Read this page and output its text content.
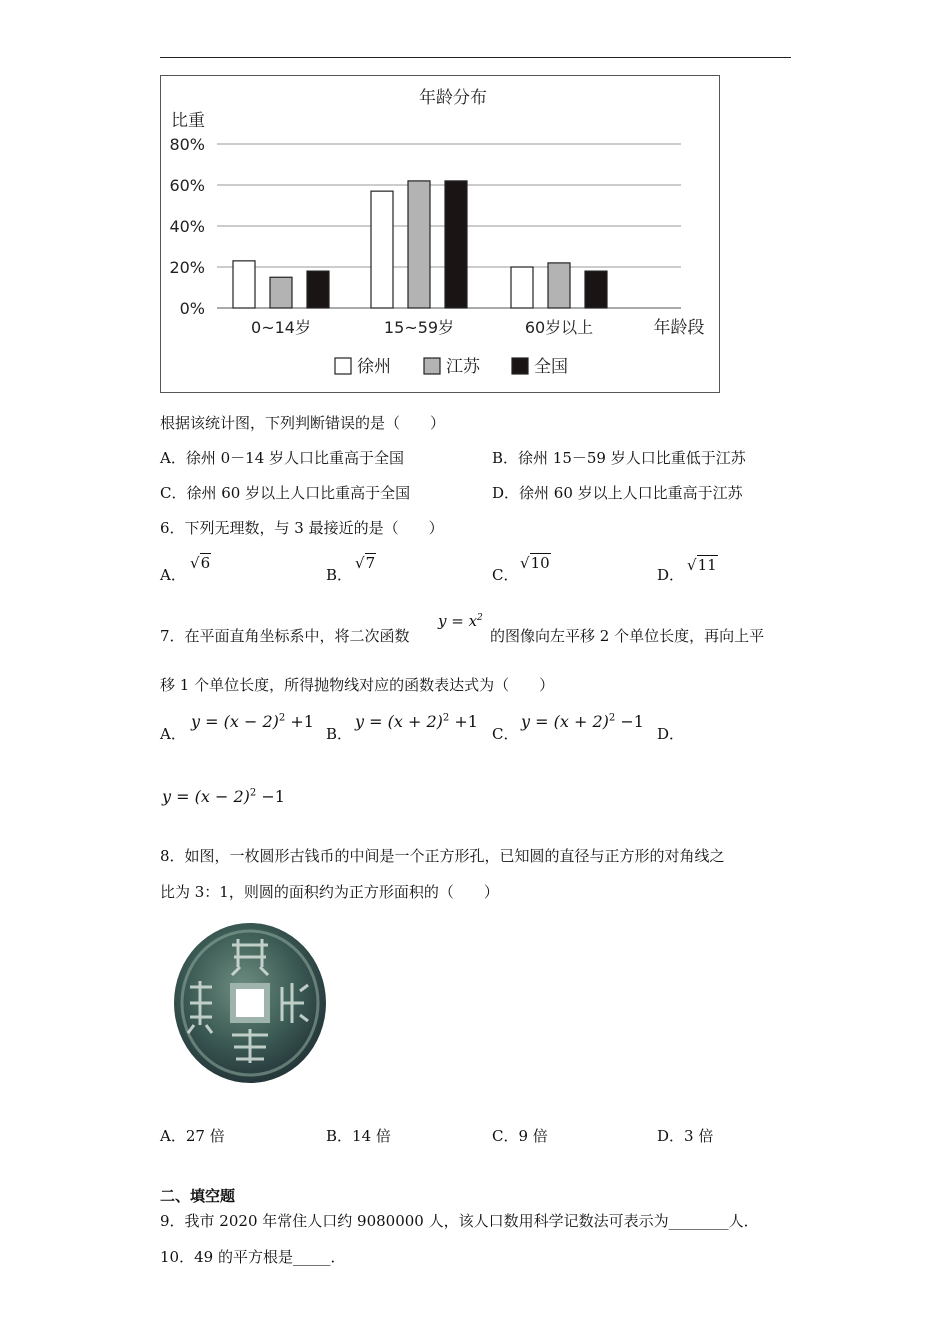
年龄分布
比重
0%
20%
40%
60%
80%
0~14岁	15~59岁	60岁以上	年龄段
徐州	江苏	全国
根据该统计图，下列判断错误的是（　　）
A．徐州 0－14 岁人口比重高于全国	B．徐州 15－59 岁人口比重低于江苏
C．徐州 60 岁以上人口比重高于全国	D．徐州 60 岁以上人口比重高于江苏
6．下列无理数，与 3 最接近的是（　　）
A．
√6
B．
√7
C．
√10
D．
√11
7．在平面直角坐标系中，将二次函数
$y = x^2$
的图像向左平移 2 个单位长度，再向上平
移 1 个单位长度，所得抛物线对应的函数表达式为（　　）
A．
$y = (x - 2)^2 +1$
B．
$y = (x + 2)^2 +1$
C．
$y = (x + 2)^2 -1$
D．
$y = (x - 2)^2 -1$
8．如图，一枚圆形古钱币的中间是一个正方形孔，已知圆的直径与正方形的对角线之
比为 3：1，则圆的面积约为正方形面积的（　　）
A．27 倍	B．14 倍	C．9 倍	D．3 倍
二、填空题
9．我市 2020 年常住人口约 9080000 人，该人口数用科学记数法可表示为________人．
10．49 的平方根是_____．
